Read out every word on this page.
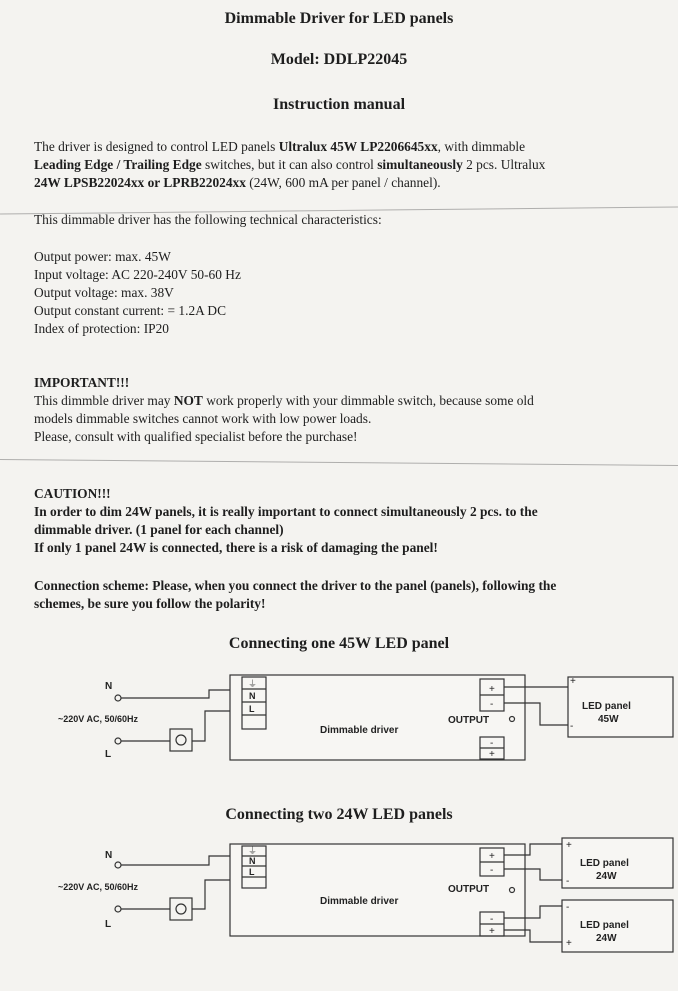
Dimmable Driver for LED panels
Model: DDLP22045
Instruction manual

The driver is designed to control LED panels Ultralux 45W LP2206645xx, with dimmable

Leading Edge / Trailing Edge switches, but it can also control simultaneously 2 pcs. Ultralux

24W LPSB22024xx or LPRB22024xx (24W, 600 mA per panel / channel).

This dimmable driver has the following technical characteristics:

Output power: max. 45W

Input voltage: AC 220-240V 50-60 Hz

Output voltage: max. 38V

Output constant current: = 1.2A DC

Index of protection: IP20

IMPORTANT!!!

This dimmble driver may NOT work properly with your dimmable switch, because some old

models dimmable switches cannot work with low power loads.

Please, consult with qualified specialist before the purchase!

CAUTION!!!

In order to dim 24W panels, it is really important to connect simultaneously 2 pcs. to the

dimmable driver. (1 panel for each channel)

If only 1 panel 24W is connected, there is a risk of damaging the panel!

Connection scheme: Please, when you connect the driver to the panel (panels), following the

schemes, be sure you follow the polarity!

Connecting one 45W LED panel
N
L
~220V AC, 50/60Hz
⏚
N
L
Dimmable driver
OUTPUT
+
-
-
+
+
-
LED panel
45W
Connecting two 24W LED panels
N
L
~220V AC, 50/60Hz
⏚
N
L
Dimmable driver
OUTPUT
+
-
-
+
+
-
LED panel
24W
-
+
LED panel
24W
